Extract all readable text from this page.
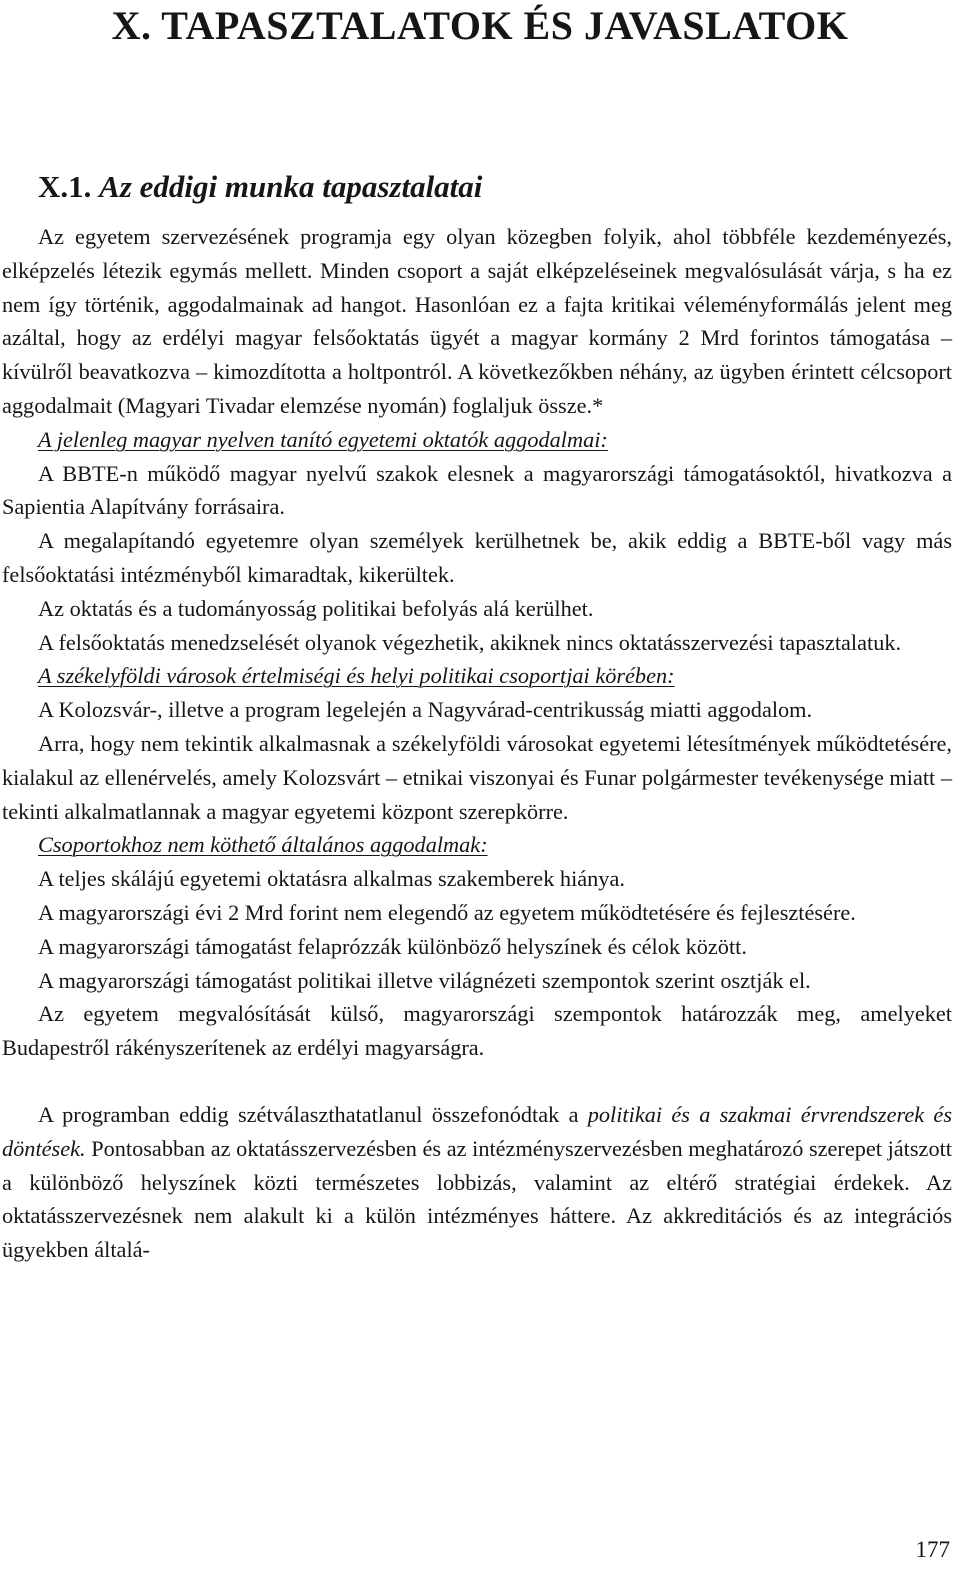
X. TAPASZTALATOK ÉS JAVASLATOK
X.1. Az eddigi munka tapasztalatai

Az egyetem szervezésének programja egy olyan közegben folyik, ahol többféle kezdeményezés, elképzelés létezik egymás mellett. Minden csoport a saját elképzeléseinek megvalósulását várja, s ha ez nem így történik, aggodalmainak ad hangot. Hasonlóan ez a fajta kritikai véleményformálás jelent meg azáltal, hogy az erdélyi magyar felsőoktatás ügyét a magyar kormány 2 Mrd forintos támogatása – kívülről beavatkozva – kimozdította a holtpontról. A következőkben néhány, az ügyben érintett célcsoport aggodalmait (Magyari Tivadar elemzése nyomán) foglaljuk össze.*

A jelenleg magyar nyelven tanító egyetemi oktatók aggodalmai:

A BBTE-n működő magyar nyelvű szakok elesnek a magyarországi támogatásoktól, hivatkozva a Sapientia Alapítvány forrásaira.

A megalapítandó egyetemre olyan személyek kerülhetnek be, akik eddig a BBTE-ből vagy más felsőoktatási intézményből kimaradtak, kikerültek.

Az oktatás és a tudományosság politikai befolyás alá kerülhet.

A felsőoktatás menedzselését olyanok végezhetik, akiknek nincs oktatásszervezési tapasztalatuk.

A székelyföldi városok értelmiségi és helyi politikai csoportjai körében:

A Kolozsvár-, illetve a program legelején a Nagyvárad-centrikusság miatti aggodalom.

Arra, hogy nem tekintik alkalmasnak a székelyföldi városokat egyetemi létesítmények működtetésére, kialakul az ellenérvelés, amely Kolozsvárt – etnikai viszonyai és Funar polgármester tevékenysége miatt – tekinti alkalmatlannak a magyar egyetemi központ szerepkörre.

Csoportokhoz nem köthető általános aggodalmak:

A teljes skálájú egyetemi oktatásra alkalmas szakemberek hiánya.

A magyarországi évi 2 Mrd forint nem elegendő az egyetem működtetésére és fejlesztésére.

A magyarországi támogatást felaprózzák különböző helyszínek és célok között.

A magyarországi támogatást politikai illetve világnézeti szempontok szerint osztják el.

Az egyetem megvalósítását külső, magyarországi szempontok határozzák meg, amelyeket Budapestről rákényszerítenek az erdélyi magyarságra.

A programban eddig szétválaszthatatlanul összefonódtak a politikai és a szakmai érvrendszerek és döntések. Pontosabban az oktatásszervezésben és az intézményszervezésben meghatározó szerepet játszott a különböző helyszínek közti természetes lobbizás, valamint az eltérő stratégiai érdekek. Az oktatásszervezésnek nem alakult ki a külön intézményes háttere. Az akkreditációs és az integrációs ügyekben általá-

177
